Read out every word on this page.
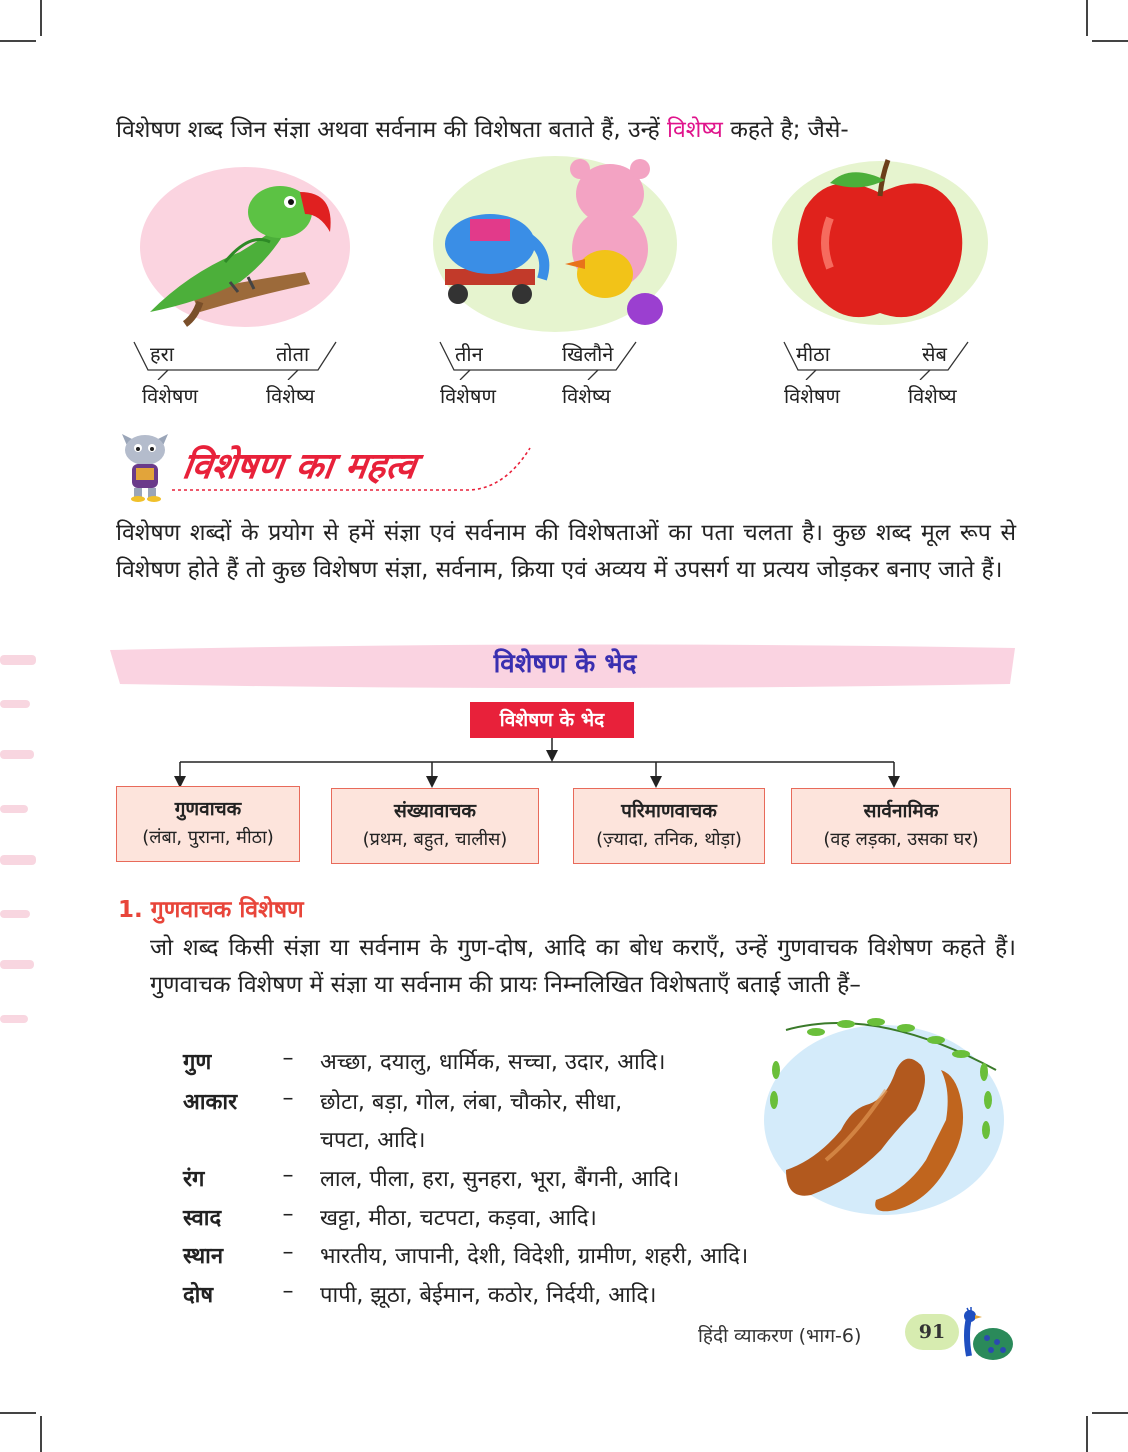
विशेषण शब्द जिन संज्ञा अथवा सर्वनाम की विशेषता बताते हैं, उन्हें विशेष्य कहते है; जैसे-
हरा	तोता
विशेषण	विशेष्य
तीन	खिलौने
विशेषण	विशेष्य
मीठा	सेब
विशेषण	विशेष्य
विशेषण का महत्व
विशेषण शब्दों के प्रयोग से हमें संज्ञा एवं सर्वनाम की विशेषताओं का पता चलता है। कुछ शब्द मूल रूप से विशेषण होते हैं तो कुछ विशेषण संज्ञा, सर्वनाम, क्रिया एवं अव्यय में उपसर्ग या प्रत्यय जोड़कर बनाए जाते हैं।
विशेषण के भेद
विशेषण के भेद
गुणवाचक
(लंबा, पुराना, मीठा)
संख्यावाचक
(प्रथम, बहुत, चालीस)
परिमाणवाचक
(ज़्यादा, तनिक, थोड़ा)
सार्वनामिक
(वह लड़का, उसका घर)
1. गुणवाचक विशेषण
जो शब्द किसी संज्ञा या सर्वनाम के गुण-दोष, आदि का बोध कराएँ, उन्हें गुणवाचक विशेषण कहते हैं। गुणवाचक विशेषण में संज्ञा या सर्वनाम की प्रायः निम्नलिखित विशेषताएँ बताई जाती हैं–
गुण	–	अच्छा, दयालु, धार्मिक, सच्चा, उदार, आदि।
आकार	–	छोटा, बड़ा, गोल, लंबा, चौकोर, सीधा,
चपटा, आदि।
रंग	–	लाल, पीला, हरा, सुनहरा, भूरा, बैंगनी, आदि।
स्वाद	–	खट्टा, मीठा, चटपटा, कड़वा, आदि।
स्थान	–	भारतीय, जापानी, देशी, विदेशी, ग्रामीण, शहरी, आदि।
दोष	–	पापी, झूठा, बेईमान, कठोर, निर्दयी, आदि।
हिंदी व्याकरण (भाग-6)	91
